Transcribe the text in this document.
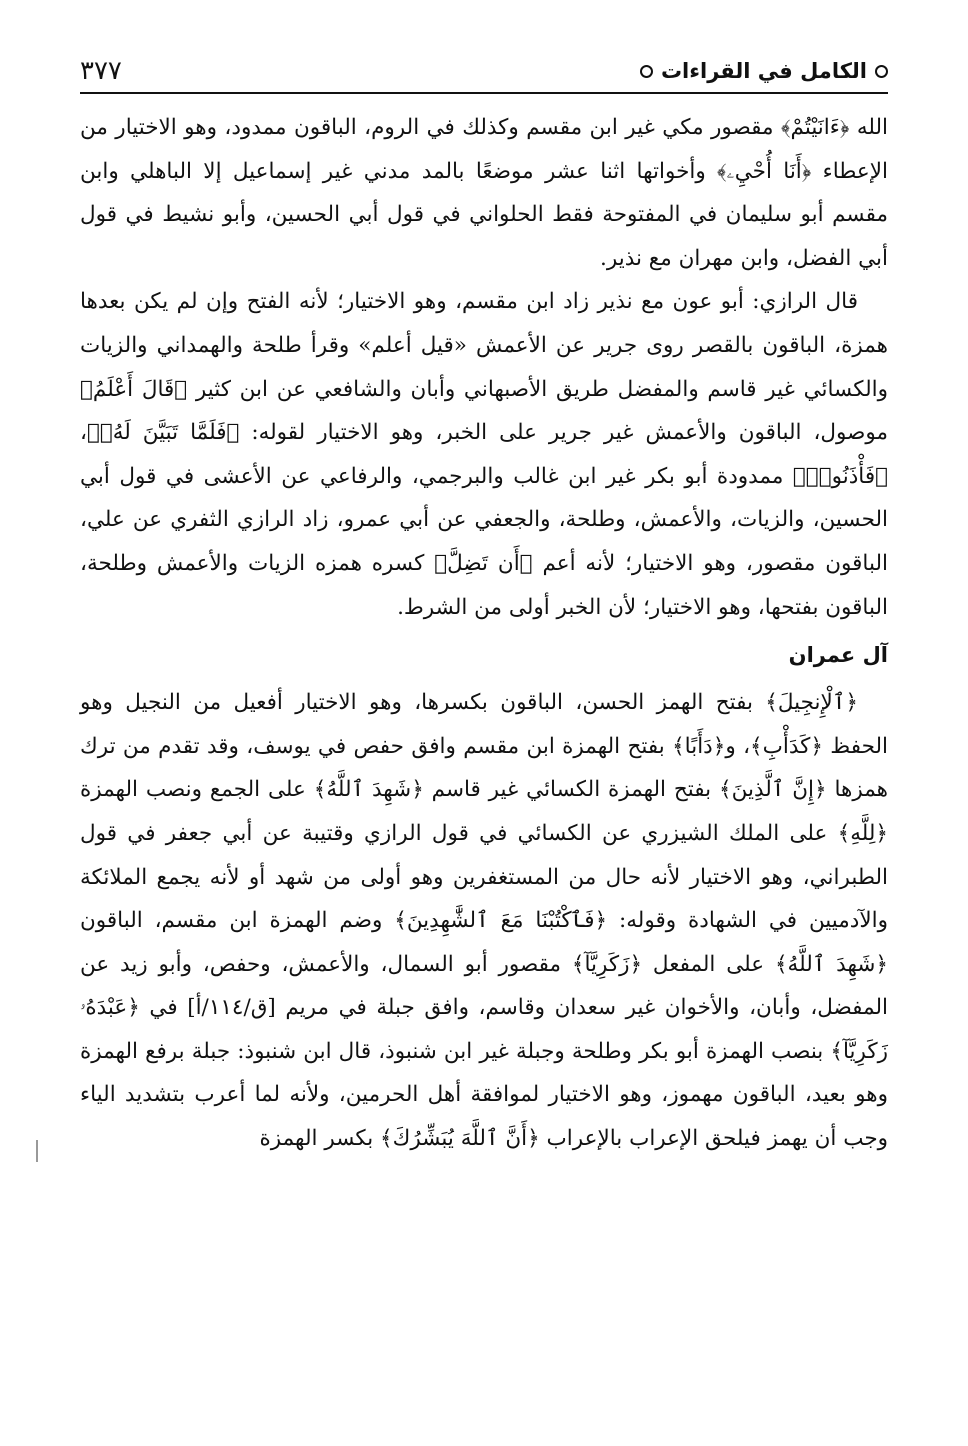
الكامل في القراءات
٣٧٧

الله ﴿ءَانَيْتُمْ﴾ مقصور مكي غير ابن مقسم وكذلك في الروم، الباقون ممدود، وهو الاختيار من الإعطاء ﴿أَنَا أُحْيِۦ﴾ وأخواتها اثنا عشر موضعًا بالمد مدني غير إسماعيل إلا الباهلي وابن مقسم أبو سليمان في المفتوحة فقط الحلواني في قول أبي الحسين، وأبو نشيط في قول أبي الفضل، وابن مهران مع نذير.

قال الرازي: أبو عون مع نذير زاد ابن مقسم، وهو الاختيار؛ لأنه الفتح وإن لم يكن بعدها همزة، الباقون بالقصر روى جرير عن الأعمش «قيل أعلم» وقرأ طلحة والهمداني والزيات والكسائي غير قاسم والمفضل طريق الأصبهاني وأبان والشافعي عن ابن كثير ﴿قَالَ أَعْلَمُ﴾ موصول، الباقون والأعمش غير جرير على الخبر، وهو الاختيار لقوله: ﴿فَلَمَّا تَبَيَّنَ لَهُۥ﴾، ﴿فَأْذَنُوا۟﴾ ممدودة أبو بكر غير ابن غالب والبرجمي، والرفاعي عن الأعشى في قول أبي الحسين، والزيات، والأعمش، وطلحة، والجعفي عن أبي عمرو، زاد الرازي الثفري عن علي، الباقون مقصور، وهو الاختيار؛ لأنه أعم ﴿أَن تَضِلَّ﴾ كسره همزه الزيات والأعمش وطلحة، الباقون بفتحها، وهو الاختيار؛ لأن الخبر أولى من الشرط.

آل عمران

﴿ٱلْإِنجِيلَ﴾ بفتح الهمز الحسن، الباقون بكسرها، وهو الاختيار أفعيل من النجيل وهو الحفظ ﴿كَدَأْبِ﴾، و﴿دَأَبًا﴾ بفتح الهمزة ابن مقسم وافق حفص في يوسف، وقد تقدم من ترك همزها ﴿إِنَّ ٱلَّذِينَ﴾ بفتح الهمزة الكسائي غير قاسم ﴿شَهِدَ ٱللَّهُ﴾ على الجمع ونصب الهمزة ﴿لِلَّهِ﴾ على الملك الشيزري عن الكسائي في قول الرازي وقتيبة عن أبي جعفر في قول الطبراني، وهو الاختيار لأنه حال من المستغفرين وهو أولى من شهد أو لأنه يجمع الملائكة والآدميين في الشهادة وقوله: ﴿فَٱكْتُبْنَا مَعَ ٱلشَّٰهِدِينَ﴾ وضم الهمزة ابن مقسم، الباقون ﴿شَهِدَ ٱللَّهُ﴾ على المفعل ﴿زَكَرِيَّآ﴾ مقصور أبو السمال، والأعمش، وحفص، وأبو زيد عن المفضل، وأبان، والأخوان غير سعدان وقاسم، وافق جبلة في مريم [ق/١١٤/أ] في ﴿عَبْدَهُۥ زَكَرِيَّآ﴾ بنصب الهمزة أبو بكر وطلحة وجبلة غير ابن شنبوذ، قال ابن شنبوذ: جبلة برفع الهمزة وهو بعيد، الباقون مهموز، وهو الاختيار لموافقة أهل الحرمين، ولأنه لما أعرب بتشديد الياء وجب أن يهمز فيلحق الإعراب بالإعراب ﴿أَنَّ ٱللَّهَ يُبَشِّرُكَ﴾ بكسر الهمزة
